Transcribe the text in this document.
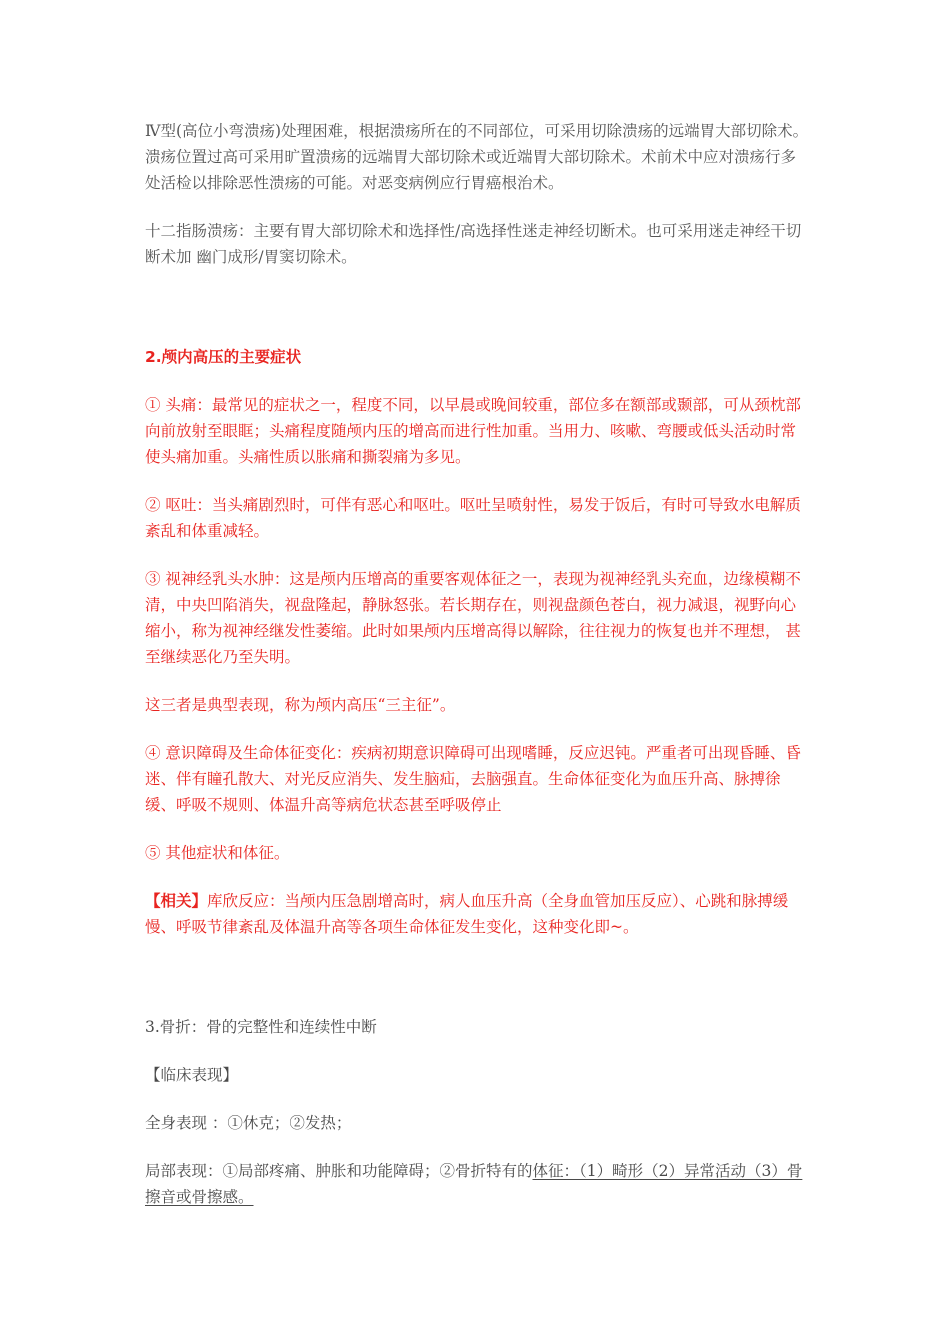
Ⅳ型(高位小弯溃疡)处理困难，根据溃疡所在的不同部位，可采用切除溃疡的远端胃大部切除术。溃疡位置过高可采用旷置溃疡的远端胃大部切除术或近端胃大部切除术。术前术中应对溃疡行多处活检以排除恶性溃疡的可能。对恶变病例应行胃癌根治术。

十二指肠溃疡：主要有胃大部切除术和选择性/高选择性迷走神经切断术。也可采用迷走神经干切断术加 幽门成形/胃窦切除术。

2.颅内高压的主要症状

① 头痛：最常见的症状之一，程度不同，以早晨或晚间较重，部位多在额部或颞部，可从颈枕部向前放射至眼眶；头痛程度随颅内压的增高而进行性加重。当用力、咳嗽、弯腰或低头活动时常使头痛加重。头痛性质以胀痛和撕裂痛为多见。

② 呕吐：当头痛剧烈时，可伴有恶心和呕吐。呕吐呈喷射性，易发于饭后，有时可导致水电解质紊乱和体重减轻。

③ 视神经乳头水肿：这是颅内压增高的重要客观体征之一，表现为视神经乳头充血，边缘模糊不清，中央凹陷消失，视盘隆起，静脉怒张。若长期存在，则视盘颜色苍白，视力减退，视野向心缩小，称为视神经继发性萎缩。此时如果颅内压增高得以解除，往往视力的恢复也并不理想， 甚至继续恶化乃至失明。

这三者是典型表现，称为颅内高压“三主征”。

④ 意识障碍及生命体征变化：疾病初期意识障碍可出现嗜睡，反应迟钝。严重者可出现昏睡、昏迷、伴有瞳孔散大、对光反应消失、发生脑疝，去脑强直。生命体征变化为血压升高、脉搏徐缓、呼吸不规则、体温升高等病危状态甚至呼吸停止

⑤ 其他症状和体征。

【相关】库欣反应：当颅内压急剧增高时，病人血压升高（全身血管加压反应）、心跳和脉搏缓慢、呼吸节律紊乱及体温升高等各项生命体征发生变化，这种变化即~。

3.骨折：骨的完整性和连续性中断

【临床表现】

全身表现 ：①休克；②发热；

局部表现：①局部疼痛、肿胀和功能障碍；②骨折特有的体征：（1）畸形（2）异常活动（3）骨擦音或骨擦感。
